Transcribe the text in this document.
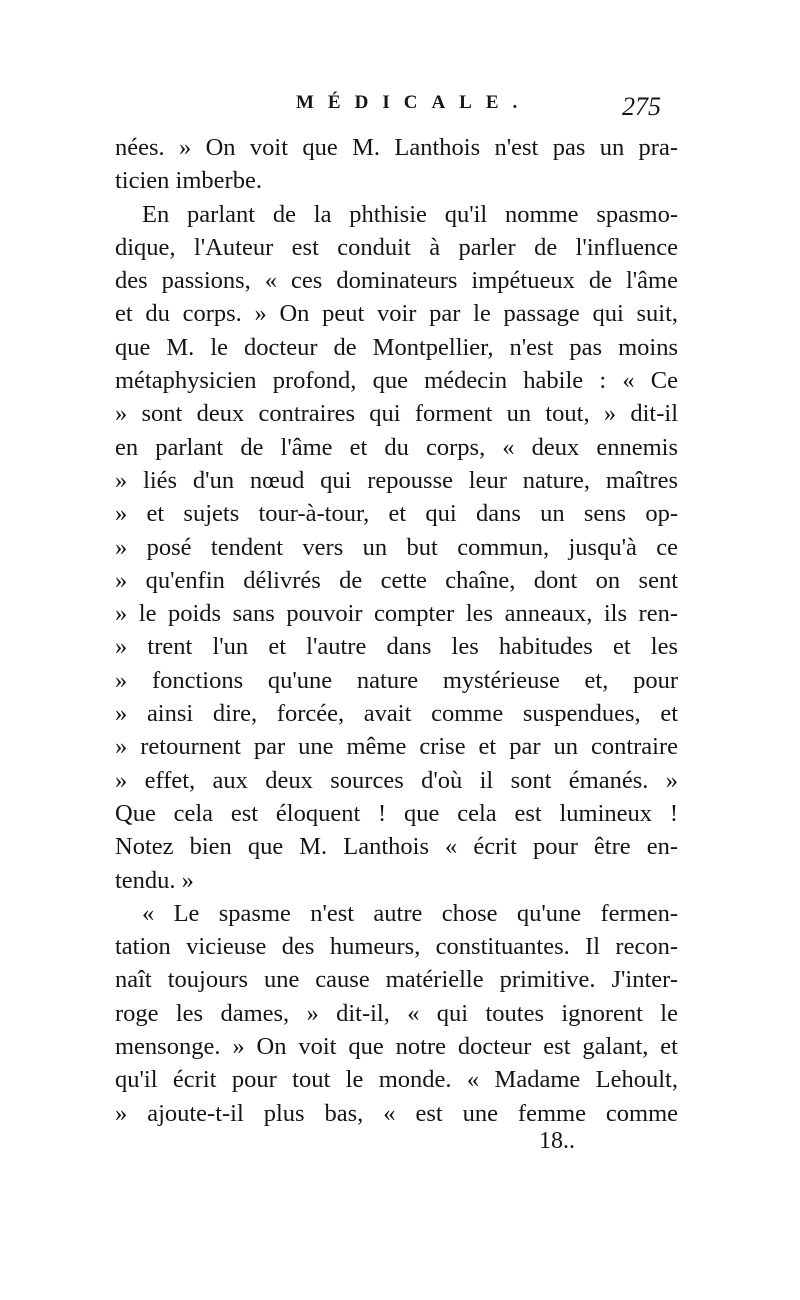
MÉDICALE.	275
nées. » On voit que M. Lanthois n'est pas un pra-
ticien imberbe.
En parlant de la phthisie qu'il nomme spasmo-
dique, l'Auteur est conduit à parler de l'influence
des passions, « ces dominateurs impétueux de l'âme
et du corps. » On peut voir par le passage qui suit,
que M. le docteur de Montpellier, n'est pas moins
métaphysicien profond, que médecin habile : « Ce
» sont deux contraires qui forment un tout, » dit-il
en parlant de l'âme et du corps, « deux ennemis
» liés d'un nœud qui repousse leur nature, maîtres
» et sujets tour-à-tour, et qui dans un sens op-
» posé tendent vers un but commun, jusqu'à ce
» qu'enfin délivrés de cette chaîne, dont on sent
» le poids sans pouvoir compter les anneaux, ils ren-
» trent l'un et l'autre dans les habitudes et les
» fonctions qu'une nature mystérieuse et, pour
» ainsi dire, forcée, avait comme suspendues, et
» retournent par une même crise et par un contraire
» effet, aux deux sources d'où il sont émanés. »
Que cela est éloquent ! que cela est lumineux !
Notez bien que M. Lanthois « écrit pour être en-
tendu. »
« Le spasme n'est autre chose qu'une fermen-
tation vicieuse des humeurs, constituantes. Il recon-
naît toujours une cause matérielle primitive. J'inter-
roge les dames, » dit-il, « qui toutes ignorent le
mensonge. » On voit que notre docteur est galant, et
qu'il écrit pour tout le monde. « Madame Lehoult,
» ajoute-t-il plus bas, « est une femme comme
18..
